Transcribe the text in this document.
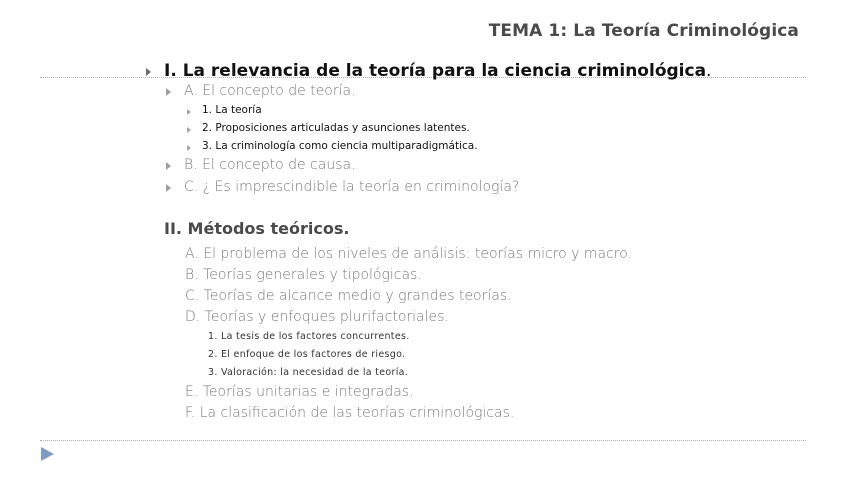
TEMA 1: La Teoría Criminológica
I. La relevancia de la teoría para la ciencia criminológica.
A. El concepto de teoría.
1. La teoría
2. Proposiciones articuladas y asunciones latentes.
3. La criminología como ciencia multiparadigmática.
B. El concepto de causa.
C. ¿ Es imprescindible la teoría en criminología?
II. Métodos teóricos.
A. El problema de los niveles de análisis: teorías micro y macro.
B. Teorías generales y tipológicas.
C. Teorías de alcance medio y grandes teorías.
D. Teorías y enfoques plurifactoriales.
1. La tesis de los factores concurrentes.
2. El enfoque de los factores de riesgo.
3. Valoración: la necesidad de la teoría.
E. Teorías unitarias e integradas.
F. La clasificación de las teorías criminológicas.
